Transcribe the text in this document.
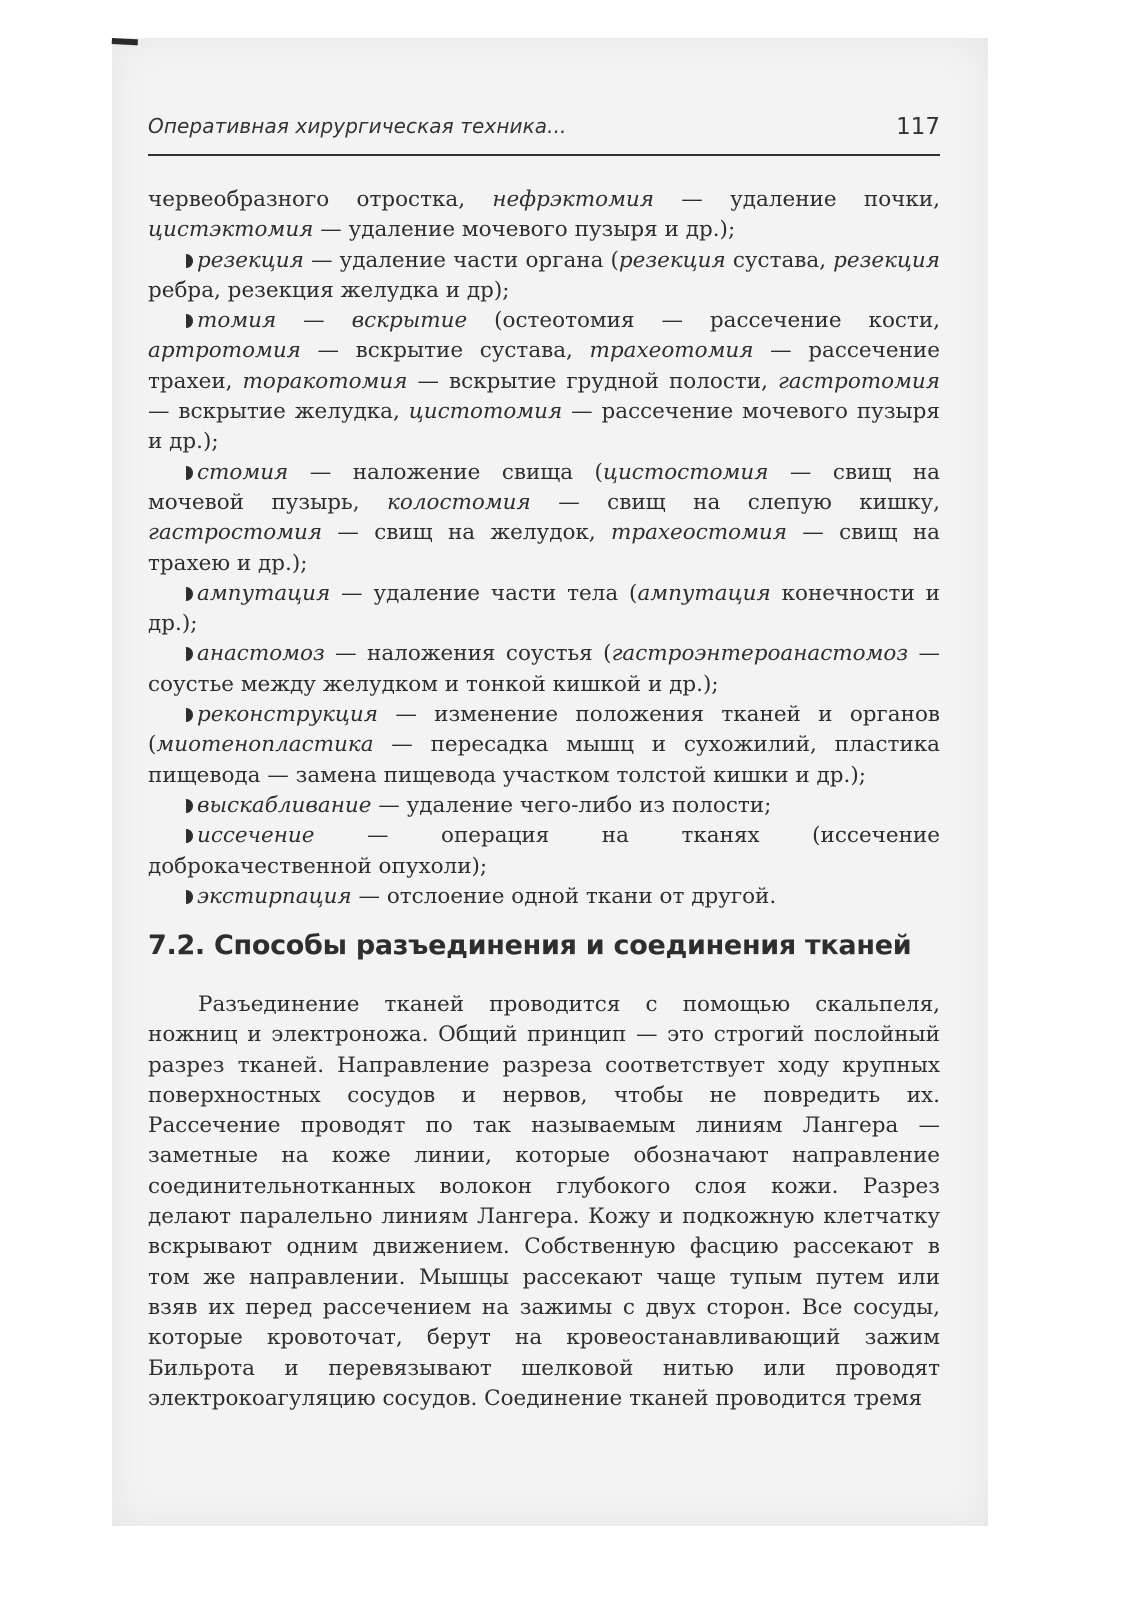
Оперативная хирургическая техника...	117

червеобразного отростка, нефрэктомия — удаление почки, цистэктомия — удаление мочевого пузыря и др.);

резекция — удаление части органа (резекция сустава, резекция ребра, резекция желудка и др);

томия — вскрытие (остеотомия — рассечение кости, артротомия — вскрытие сустава, трахеотомия — рассечение трахеи, торакотомия — вскрытие грудной полости, гастротомия — вскрытие желудка, цистотомия — рассечение мочевого пузыря и др.);

стомия — наложение свища (цистостомия — свищ на мочевой пузырь, колостомия — свищ на слепую кишку, гастростомия — свищ на желудок, трахеостомия — свищ на трахею и др.);

ампутация — удаление части тела (ампутация конечности и др.);

анастомоз — наложения соустья (гастроэнтероанастомоз — соустье между желудком и тонкой кишкой и др.);

реконструкция — изменение положения тканей и органов (миотенопластика — пересадка мышц и сухожилий, пластика пищевода — замена пищевода участком толстой кишки и др.);

выскабливание — удаление чего-либо из полости;

иссечение — операция на тканях (иссечение доброкачественной опухоли);

экстирпация — отслоение одной ткани от другой.

7.2. Способы разъединения и соединения тканей

Разъединение тканей проводится с помощью скальпеля, ножниц и электроножа. Общий принцип — это строгий послойный разрез тканей. Направление разреза соответствует ходу крупных поверхностных сосудов и нервов, чтобы не повредить их. Рассечение проводят по так называемым линиям Лангера — заметные на коже линии, которые обозначают направление соединительнотканных волокон глубокого слоя кожи. Разрез делают паралельно линиям Лангера. Кожу и подкожную клетчатку вскрывают одним движением. Собственную фасцию рассекают в том же направлении. Мышцы рассекают чаще тупым путем или взяв их перед рассечением на зажимы с двух сторон. Все сосуды, которые кровоточат, берут на кровеостанавливающий зажим Бильрота и перевязывают шелковой нитью или проводят электрокоагуляцию сосудов. Соединение тканей проводится тремя
